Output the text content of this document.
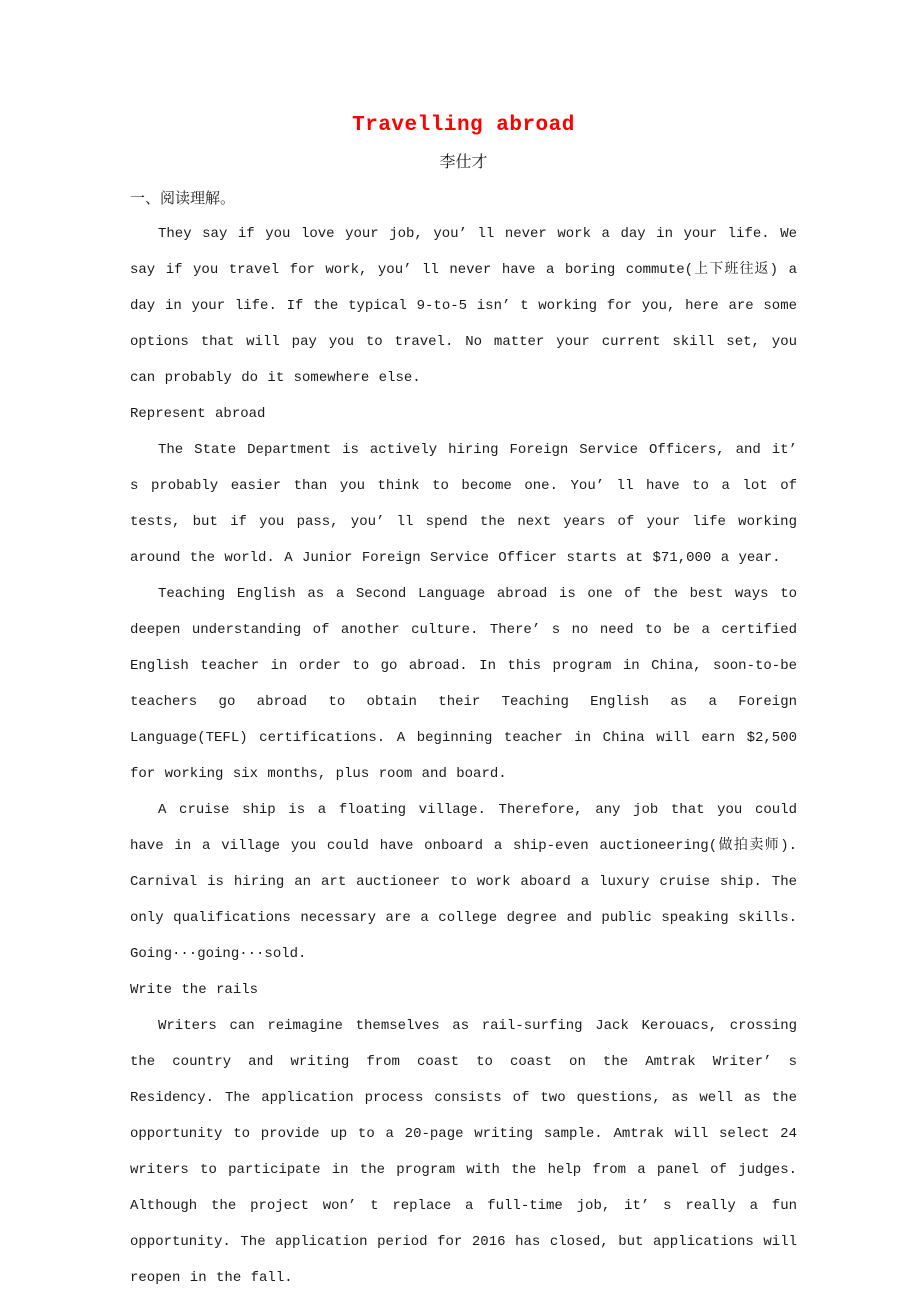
Travelling abroad
李仕才
一、阅读理解。

They say if you love your job, you’ ll never work a day in your life. We say if you travel for work, you’ ll never have a boring commute(上下班往返) a day in your life. If the typical 9-to-5 isn’ t working for you, here are some options that will pay you to travel. No matter your current skill set, you can probably do it somewhere else.

Represent abroad

The State Department is actively hiring Foreign Service Officers, and it’ s probably easier than you think to become one. You’ ll have to a lot of tests, but if you pass, you’ ll spend the next years of your life working around the world. A Junior Foreign Service Officer starts at $71,000 a year.

Teaching English as a Second Language abroad is one of the best ways to deepen understanding of another culture. There’ s no need to be a certified English teacher in order to go abroad. In this program in China, soon-to-be teachers go abroad to obtain their Teaching English as a Foreign Language(TEFL) certifications. A beginning teacher in China will earn $2,500 for working six months, plus room and board.

A cruise ship is a floating village. Therefore, any job that you could have in a village you could have onboard a ship-even auctioneering(做拍卖师). Carnival is hiring an art auctioneer to work aboard a luxury cruise ship. The only qualifications necessary are a college degree and public speaking skills. Going···going···sold.

Write the rails

Writers can reimagine themselves as rail-surfing Jack Kerouacs, crossing the country and writing from coast to coast on the Amtrak Writer’ s Residency. The application process consists of two questions, as well as the opportunity to provide up to a 20-page writing sample. Amtrak will select 24 writers to participate in the program with the help from a panel of judges. Although the project won’ t replace a full-time job, it’ s really a fun opportunity. The application period for 2016 has closed, but applications will reopen in the fall.
